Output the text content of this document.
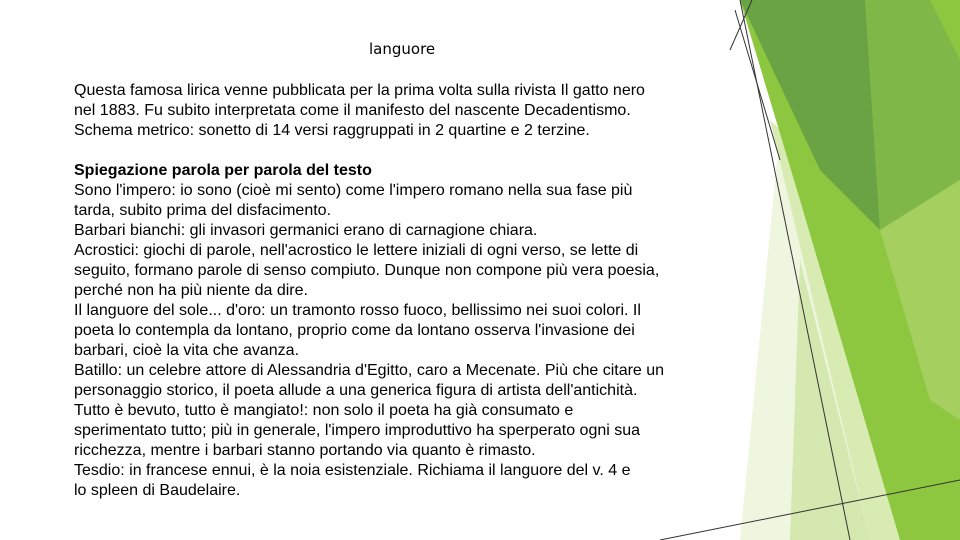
languore

Questa famosa lirica venne pubblicata per la prima volta sulla rivista Il gatto nero
nel 1883. Fu subito interpretata come il manifesto del nascente Decadentismo.
Schema metrico: sonetto di 14 versi raggruppati in 2 quartine e 2 terzine.

Spiegazione parola per parola del testo
Sono l'impero: io sono (cioè mi sento) come l'impero romano nella sua fase più
tarda, subito prima del disfacimento.
Barbari bianchi: gli invasori germanici erano di carnagione chiara.
Acrostici: giochi di parole, nell'acrostico le lettere iniziali di ogni verso, se lette di
seguito, formano parole di senso compiuto. Dunque non compone più vera poesia,
perché non ha più niente da dire.
Il languore del sole... d'oro: un tramonto rosso fuoco, bellissimo nei suoi colori. Il
poeta lo contempla da lontano, proprio come da lontano osserva l'invasione dei
barbari, cioè la vita che avanza.
Batillo: un celebre attore di Alessandria d'Egitto, caro a Mecenate. Più che citare un
personaggio storico, il poeta allude a una generica figura di artista dell'antichità.
Tutto è bevuto, tutto è mangiato!: non solo il poeta ha già consumato e
sperimentato tutto; più in generale, l'impero improduttivo ha sperperato ogni sua
ricchezza, mentre i barbari stanno portando via quanto è rimasto.
Tesdio: in francese ennui, è la noia esistenziale. Richiama il languore del v. 4 e
lo spleen di Baudelaire.
